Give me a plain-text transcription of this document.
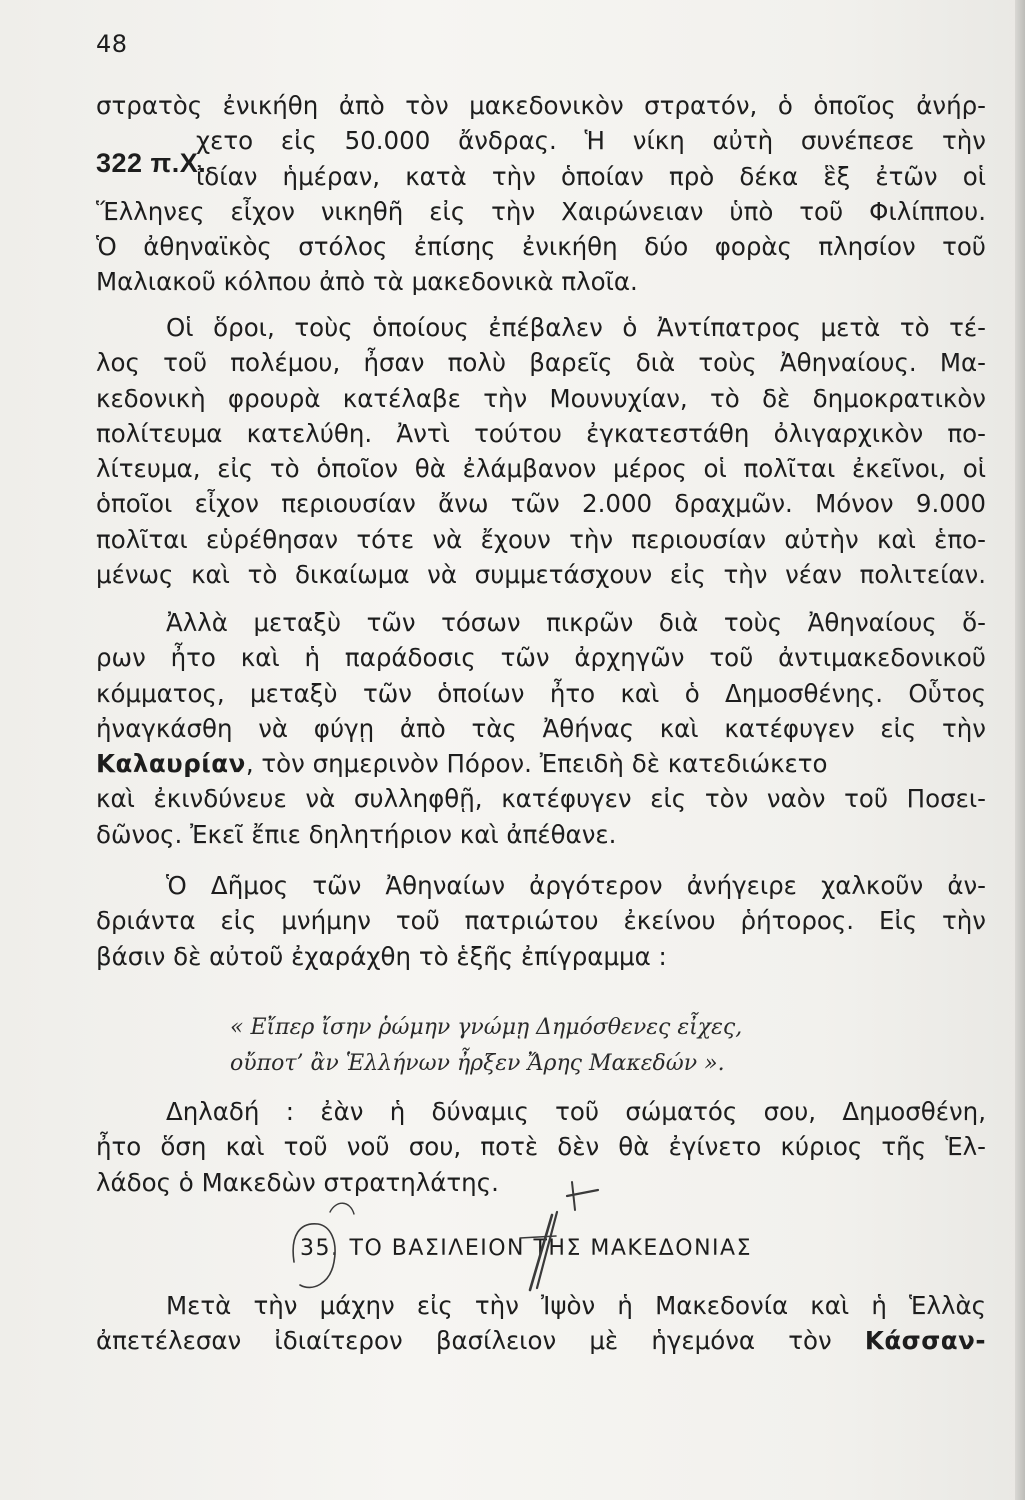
48
322 π.Χ.
στρατὸς ἐνικήθη ἀπὸ τὸν μακεδονικὸν στρατόν, ὁ ὁποῖος ἀνήρ-
χετο εἰς 50.000 ἄνδρας. Ἡ νίκη αὐτὴ συνέπεσε τὴν
ἰδίαν ἡμέραν, κατὰ τὴν ὁποίαν πρὸ δέκα ἓξ ἐτῶν οἱ
Ἕλληνες εἶχον νικηθῆ εἰς τὴν Χαιρώνειαν ὑπὸ τοῦ Φιλίππου.
Ὁ ἀθηναϊκὸς στόλος ἐπίσης ἐνικήθη δύο φορὰς πλησίον τοῦ
Μαλιακοῦ κόλπου ἀπὸ τὰ μακεδονικὰ πλοῖα.
Οἱ ὅροι, τοὺς ὁποίους ἐπέβαλεν ὁ Ἀντίπατρος μετὰ τὸ τέ-
λος τοῦ πολέμου, ἦσαν πολὺ βαρεῖς διὰ τοὺς Ἀθηναίους. Μα-
κεδονικὴ φρουρὰ κατέλαβε τὴν Μουνυχίαν, τὸ δὲ δημοκρατικὸν
πολίτευμα κατελύθη. Ἀντὶ τούτου ἐγκατεστάθη ὀλιγαρχικὸν πο-
λίτευμα, εἰς τὸ ὁποῖον θὰ ἐλάμβανον μέρος οἱ πολῖται ἐκεῖνοι, οἱ
ὁποῖοι εἶχον περιουσίαν ἄνω τῶν 2.000 δραχμῶν. Μόνον 9.000
πολῖται εὑρέθησαν τότε νὰ ἔχουν τὴν περιουσίαν αὐτὴν καὶ ἑπο-
μένως καὶ τὸ δικαίωμα νὰ συμμετάσχουν εἰς τὴν νέαν πολιτείαν.
Ἀλλὰ μεταξὺ τῶν τόσων πικρῶν διὰ τοὺς Ἀθηναίους ὅ-
ρων ἦτο καὶ ἡ παράδοσις τῶν ἀρχηγῶν τοῦ ἀντιμακεδονικοῦ
κόμματος, μεταξὺ τῶν ὁποίων ἦτο καὶ ὁ Δημοσθένης. Οὗτος
ἠναγκάσθη νὰ φύγῃ ἀπὸ τὰς Ἀθήνας καὶ κατέφυγεν εἰς τὴν
Καλαυρίαν, τὸν σημερινὸν Πόρον. Ἐπειδὴ δὲ κατεδιώκετο
καὶ ἐκινδύνευε νὰ συλληφθῇ, κατέφυγεν εἰς τὸν ναὸν τοῦ Ποσει-
δῶνος. Ἐκεῖ ἔπιε δηλητήριον καὶ ἀπέθανε.
Ὁ Δῆμος τῶν Ἀθηναίων ἀργότερον ἀνήγειρε χαλκοῦν ἀν-
δριάντα εἰς μνήμην τοῦ πατριώτου ἐκείνου ῥήτορος. Εἰς τὴν
βάσιν δὲ αὐτοῦ ἐχαράχθη τὸ ἑξῆς ἐπίγραμμα :
« Εἴπερ ἴσην ῥώμην γνώμῃ Δημόσθενες εἶχες,
οὔποτ’ ἂν Ἑλλήνων ἦρξεν Ἄρης Μακεδών ».
Δηλαδή : ἐὰν ἡ δύναμις τοῦ σώματός σου, Δημοσθένη,
ἦτο ὅση καὶ τοῦ νοῦ σου, ποτὲ δὲν θὰ ἐγίνετο κύριος τῆς Ἑλ-
λάδος ὁ Μακεδὼν στρατηλάτης.
35. ΤΟ ΒΑΣΙΛΕΙΟΝ ΤΗΣ ΜΑΚΕΔΟΝΙΑΣ
Μετὰ τὴν μάχην εἰς τὴν Ἰψὸν ἡ Μακεδονία καὶ ἡ Ἑλλὰς
ἀπετέλεσαν ἰδιαίτερον βασίλειον μὲ ἡγεμόνα τὸν Κάσσαν-
